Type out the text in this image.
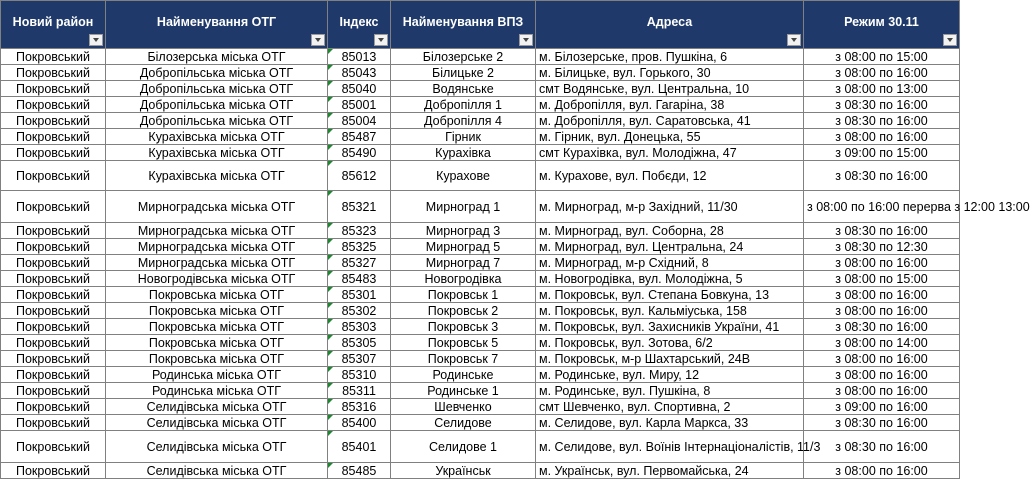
Новий район	Найменування ОТГ	Індекс	Найменування ВПЗ	Адреса	Режим 30.11

Покровський	Білозерська міська ОТГ	85013	Білозерське 2	м. Білозерське, пров. Пушкіна, 6	з 08:00 по 15:00
Покровський	Добропільська міська ОТГ	85043	Білицьке 2	м. Білицьке, вул. Горького, 30	з 08:00 по 16:00
Покровський	Добропільська міська ОТГ	85040	Водянське	смт Водянське, вул. Центральна, 10	з 08:00 по 13:00
Покровський	Добропільська міська ОТГ	85001	Добропілля 1	м. Добропілля, вул. Гагаріна, 38	з 08:30 по 16:00
Покровський	Добропільська міська ОТГ	85004	Добропілля 4	м. Добропілля, вул. Саратовська, 41	з 08:30 по 16:00
Покровський	Курахівська міська ОТГ	85487	Гірник	м. Гірник, вул. Донецька, 55	з 08:00 по 16:00
Покровський	Курахівська міська ОТГ	85490	Курахівка	смт Курахівка, вул. Молодіжна, 47	з 09:00 по 15:00
Покровський	Курахівська міська ОТГ	85612	Курахове	м. Курахове, вул. Побєди, 12	з 08:30 по 16:00
Покровський	Мирноградська міська ОТГ	85321	Мирноград 1	м. Мирноград, м-р Західний, 11/30	з 08:00 по 16:00 перерва з 12:00 13:00
Покровський	Мирноградська міська ОТГ	85323	Мирноград 3	м. Мирноград, вул. Соборна, 28	з 08:30 по 16:00
Покровський	Мирноградська міська ОТГ	85325	Мирноград 5	м. Мирноград, вул. Центральна, 24	з 08:30 по 12:30
Покровський	Мирноградська міська ОТГ	85327	Мирноград 7	м. Мирноград, м-р Східний, 8	з 08:00 по 16:00
Покровський	Новогродівська міська ОТГ	85483	Новогродівка	м. Новогродівка, вул. Молодіжна, 5	з 08:00 по 15:00
Покровський	Покровська міська ОТГ	85301	Покровськ 1	м. Покровськ, вул. Степана Бовкуна, 13	з 08:00 по 16:00
Покровський	Покровська міська ОТГ	85302	Покровськ 2	м. Покровськ, вул. Кальміуська, 158	з 08:00 по 16:00
Покровський	Покровська міська ОТГ	85303	Покровськ 3	м. Покровськ, вул. Захисників України, 41	з 08:30 по 16:00
Покровський	Покровська міська ОТГ	85305	Покровськ 5	м. Покровськ, вул. Зотова, 6/2	з 08:00 по 14:00
Покровський	Покровська міська ОТГ	85307	Покровськ 7	м. Покровськ, м-р Шахтарський, 24В	з 08:00 по 16:00
Покровський	Родинська міська ОТГ	85310	Родинське	м. Родинське, вул. Миру, 12	з 08:00 по 16:00
Покровський	Родинська міська ОТГ	85311	Родинське 1	м. Родинське, вул. Пушкіна, 8	з 08:00 по 16:00
Покровський	Селидівська міська ОТГ	85316	Шевченко	смт Шевченко, вул. Спортивна, 2	з 09:00 по 16:00
Покровський	Селидівська міська ОТГ	85400	Селидове	м. Селидове, вул. Карла Маркса, 33	з 08:30 по 16:00
Покровський	Селидівська міська ОТГ	85401	Селидове 1	м. Селидове, вул. Воїнів Інтернаціоналістів, 11/3	з 08:30 по 16:00
Покровський	Селидівська міська ОТГ	85485	Українськ	м. Українськ, вул. Первомайська, 24	з 08:00 по 16:00
